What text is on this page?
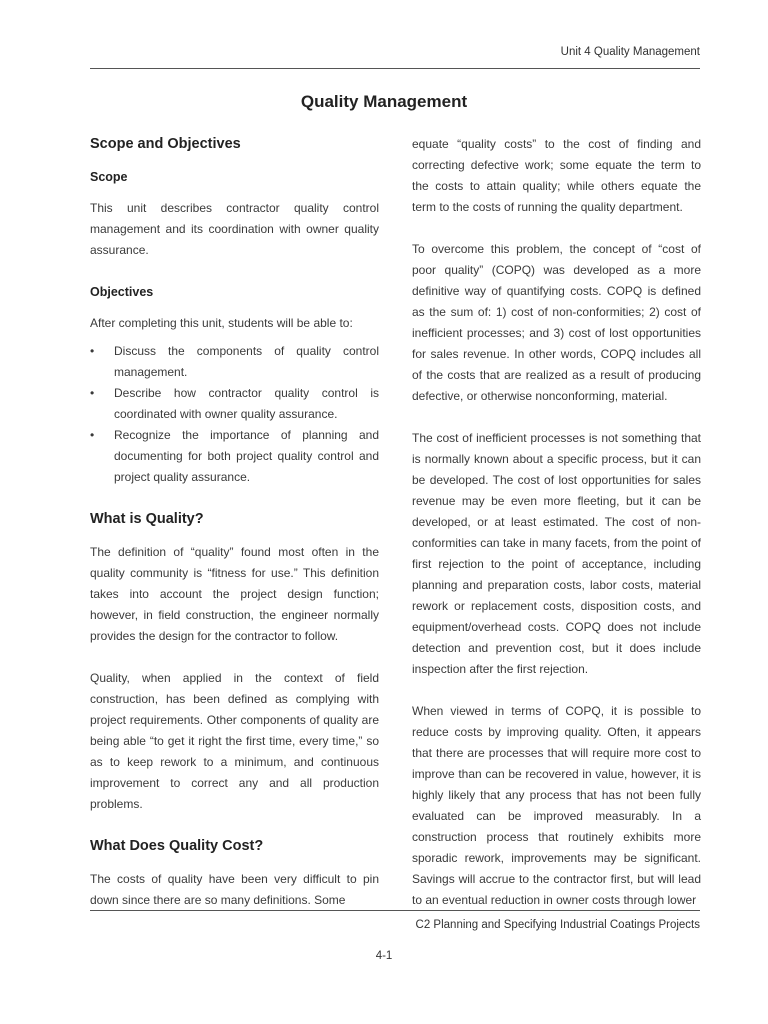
Unit 4 Quality Management
Quality Management
Scope and Objectives
Scope

This unit describes contractor quality control management and its coordination with owner quality assurance.

Objectives

After completing this unit, students will be able to:

• Discuss the components of quality control management.
• Describe how contractor quality control is coordinated with owner quality assurance.
• Recognize the importance of planning and documenting for both project quality control and project quality assurance.
What is Quality?

The definition of “quality” found most often in the quality community is “fitness for use.” This definition takes into account the project design function; however, in field construction, the engineer normally provides the design for the contractor to follow.

Quality, when applied in the context of field construction, has been defined as complying with project requirements. Other components of quality are being able “to get it right the first time, every time,” so as to keep rework to a minimum, and continuous improvement to correct any and all production problems.

What Does Quality Cost?

The costs of quality have been very difficult to pin down since there are so many definitions. Some

equate “quality costs” to the cost of finding and correcting defective work; some equate the term to the costs to attain quality; while others equate the term to the costs of running the quality department.

To overcome this problem, the concept of “cost of poor quality” (COPQ) was developed as a more definitive way of quantifying costs. COPQ is defined as the sum of: 1) cost of non-conformities; 2) cost of inefficient processes; and 3) cost of lost opportunities for sales revenue. In other words, COPQ includes all of the costs that are realized as a result of producing defective, or otherwise nonconforming, material.

The cost of inefficient processes is not something that is normally known about a specific process, but it can be developed. The cost of lost opportunities for sales revenue may be even more fleeting, but it can be developed, or at least estimated. The cost of non-conformities can take in many facets, from the point of first rejection to the point of acceptance, including planning and preparation costs, labor costs, material rework or replacement costs, disposition costs, and equipment/overhead costs. COPQ does not include detection and prevention cost, but it does include inspection after the first rejection.

When viewed in terms of COPQ, it is possible to reduce costs by improving quality. Often, it appears that there are processes that will require more cost to improve than can be recovered in value, however, it is highly likely that any process that has not been fully evaluated can be improved measurably. In a construction process that routinely exhibits more sporadic rework, improvements may be significant. Savings will accrue to the contractor first, but will lead to an eventual reduction in owner costs through lower

C2 Planning and Specifying Industrial Coatings Projects
4-1
